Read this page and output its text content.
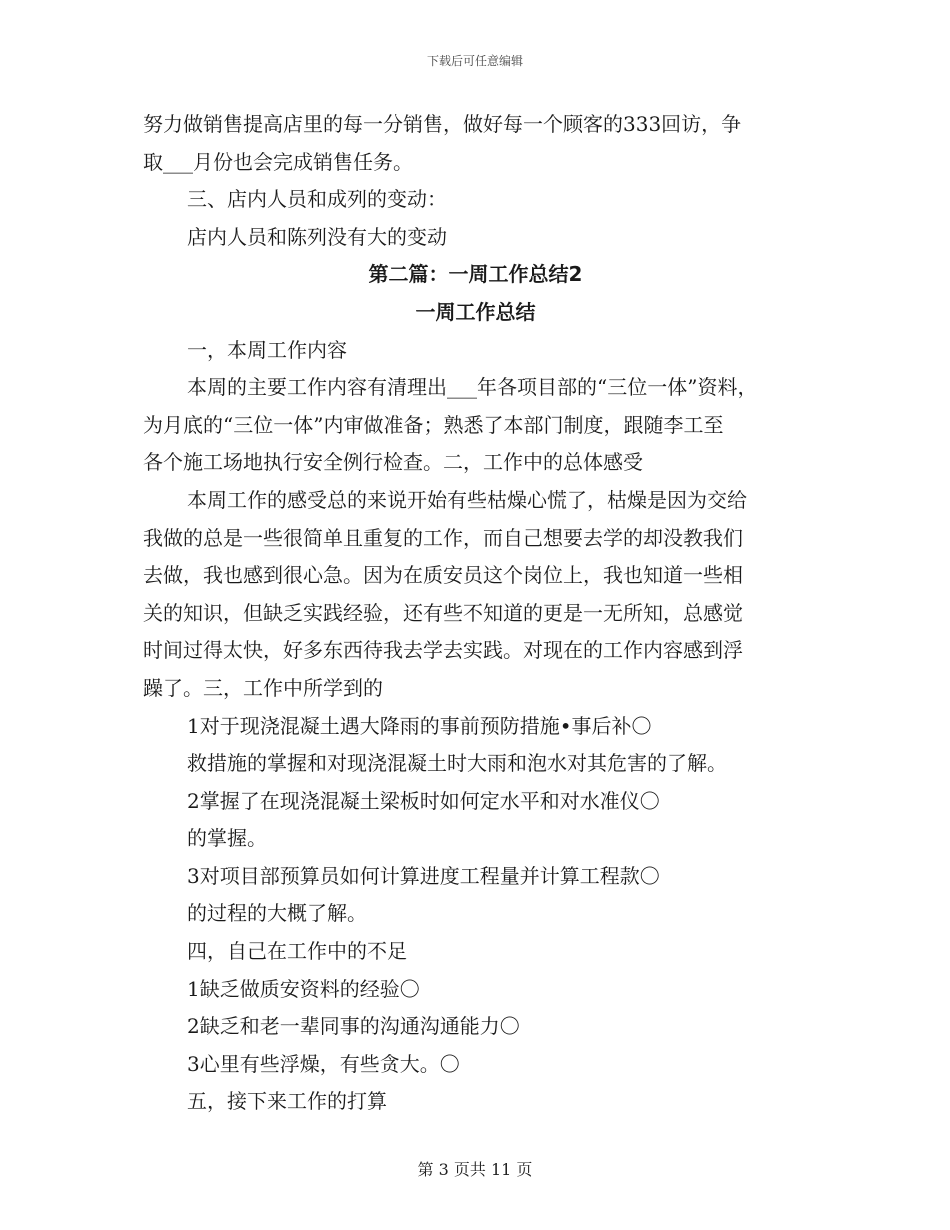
下载后可任意编辑
努力做销售提高店里的每一分销售，做好每一个顾客的333回访，争
取___月份也会完成销售任务。
三、店内人员和成列的变动：
店内人员和陈列没有大的变动
第二篇：一周工作总结2
一周工作总结
一，本周工作内容
本周的主要工作内容有清理出___年各项目部的“三位一体”资料，
为月底的“三位一体”内审做准备；熟悉了本部门制度，跟随李工至
各个施工场地执行安全例行检查。二，工作中的总体感受
本周工作的感受总的来说开始有些枯燥心慌了，枯燥是因为交给
我做的总是一些很简单且重复的工作，而自己想要去学的却没教我们
去做，我也感到很心急。因为在质安员这个岗位上，我也知道一些相
关的知识，但缺乏实践经验，还有些不知道的更是一无所知，总感觉
时间过得太快，好多东西待我去学去实践。对现在的工作内容感到浮
躁了。三，工作中所学到的
1对于现浇混凝土遇大降雨的事前预防措施•事后补〇
救措施的掌握和对现浇混凝土时大雨和泡水对其危害的了解。
2掌握了在现浇混凝土梁板时如何定水平和对水准仪〇
的掌握。
3对项目部预算员如何计算进度工程量并计算工程款〇
的过程的大概了解。
四，自己在工作中的不足
1缺乏做质安资料的经验〇
2缺乏和老一辈同事的沟通沟通能力〇
3心里有些浮燥，有些贪大。〇
五，接下来工作的打算
第 3 页共 11 页
